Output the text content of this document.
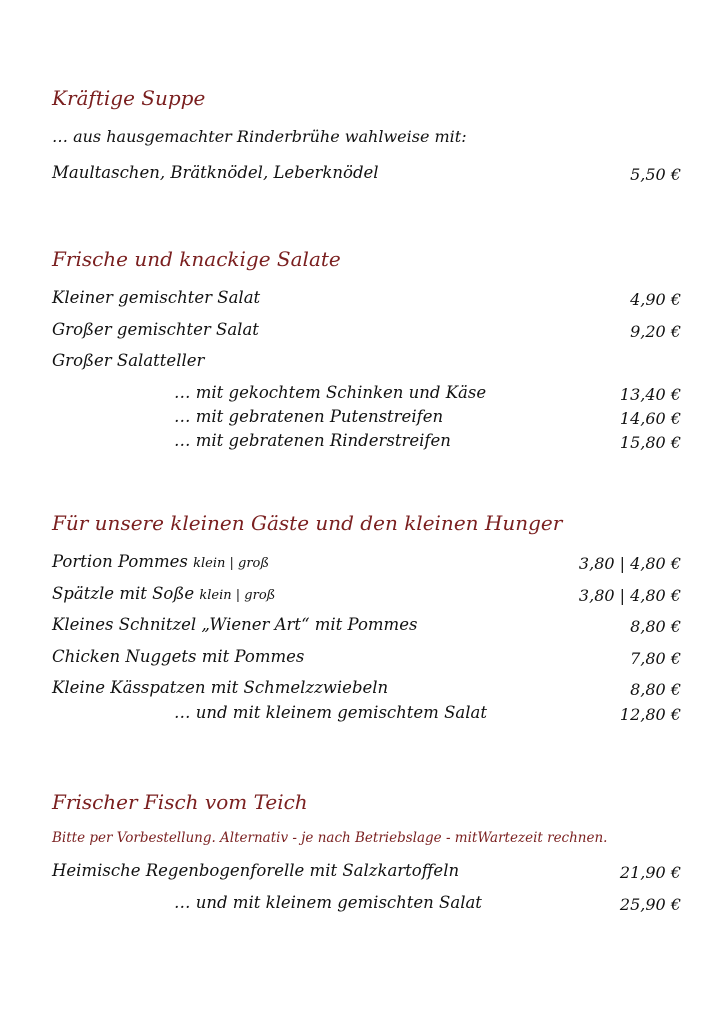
Kräftige Suppe
… aus hausgemachter Rinderbrühe wahlweise mit:
Maultaschen, Brätknödel, Leberknödel	5,50 €
Frische und knackige Salate
Kleiner gemischter Salat	4,90 €
Großer gemischter Salat	9,20 €
Großer Salatteller
… mit gekochtem Schinken und Käse	13,40 €
… mit gebratenen Putenstreifen	14,60 €
… mit gebratenen Rinderstreifen	15,80 €
Für unsere kleinen Gäste und den kleinen Hunger
Portion Pommes klein | groß	3,80 | 4,80 €
Spätzle mit Soße klein | groß	3,80 | 4,80 €
Kleines Schnitzel „Wiener Art“ mit Pommes	8,80 €
Chicken Nuggets mit Pommes	7,80 €
Kleine Kässpatzen mit Schmelzzwiebeln	8,80 €
… und mit kleinem gemischtem Salat	12,80 €
Frischer Fisch vom Teich
Bitte per Vorbestellung. Alternativ - je nach Betriebslage - mitWartezeit rechnen.
Heimische Regenbogenforelle mit Salzkartoffeln	21,90 €
… und mit kleinem gemischten Salat	25,90 €
